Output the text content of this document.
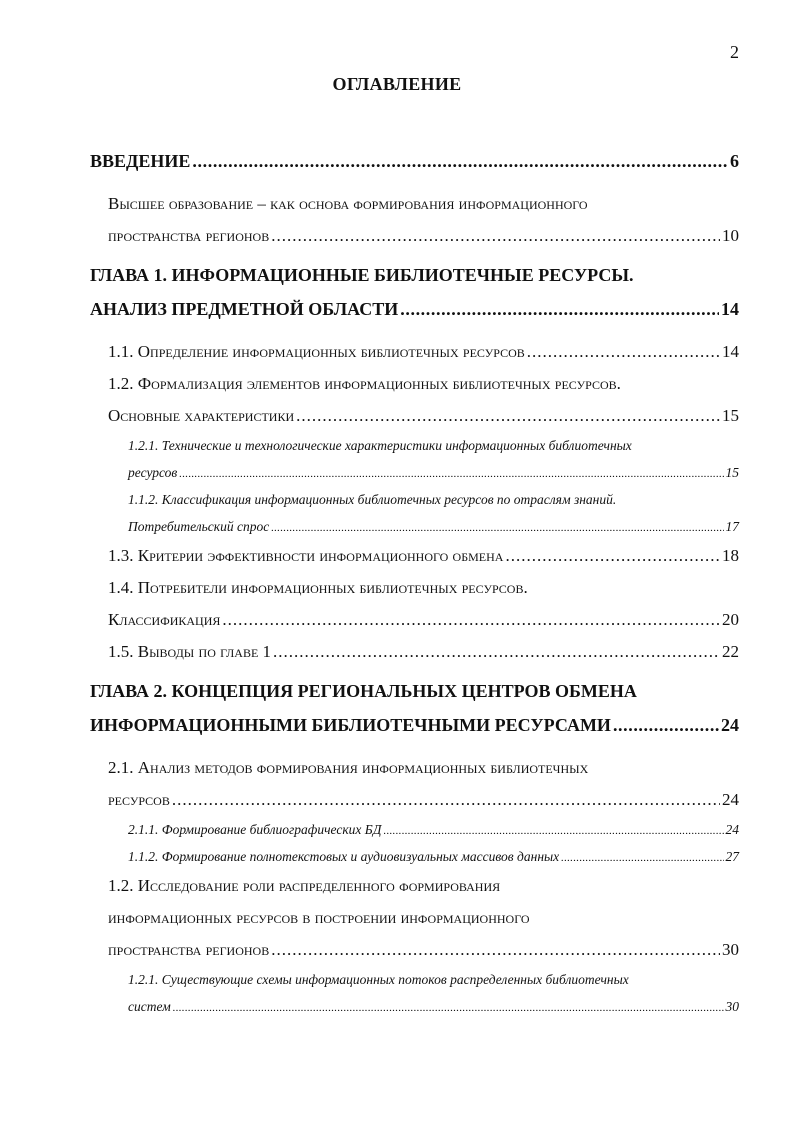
2
ОГЛАВЛЕНИЕ
ВВЕДЕНИЕ .....	6
Высшее образование – как основа формирования информационного
пространства регионов .....	10
ГЛАВА 1. ИНФОРМАЦИОННЫЕ БИБЛИОТЕЧНЫЕ РЕСУРСЫ.
АНАЛИЗ ПРЕДМЕТНОЙ ОБЛАСТИ .....	14
1.1. Определение информационных библиотечных ресурсов .....	14
1.2. Формализация элементов информационных библиотечных ресурсов.
Основные характеристики .....	15
1.2.1. Технические и технологические характеристики информационных библиотечных
ресурсов .....	15
1.1.2. Классификация информационных библиотечных ресурсов по отраслям знаний.
Потребительский спрос .....	17
1.3. Критерии эффективности информационного обмена .....	18
1.4. Потребители информационных библиотечных ресурсов.
Классификация .....	20
1.5. Выводы по главе 1 .....	22
ГЛАВА 2. КОНЦЕПЦИЯ РЕГИОНАЛЬНЫХ ЦЕНТРОВ ОБМЕНА
ИНФОРМАЦИОННЫМИ БИБЛИОТЕЧНЫМИ РЕСУРСАМИ .....	24
2.1. Анализ методов формирования информационных библиотечных
ресурсов .....	24
2.1.1. Формирование библиографических БД .....	24
1.1.2. Формирование полнотекстовых и аудиовизуальных массивов данных .....	27
1.2. Исследование роли распределенного формирования
информационных ресурсов в построении информационного
пространства регионов .....	30
1.2.1. Существующие схемы информационных потоков распределенных библиотечных
систем .....	30
